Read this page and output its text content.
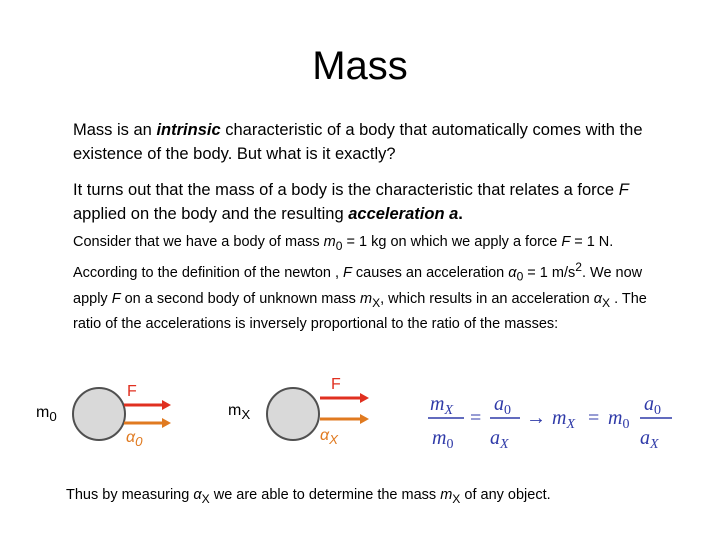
Mass
Mass is an intrinsic characteristic of a body that automatically comes with the existence of the body. But what is it exactly?
It turns out that the mass of a body is the characteristic that relates a force F applied on the body and the resulting acceleration a.
Consider that we have a body of mass $m_0 = 1$ kg on which we apply a force F = 1 N. According to the definition of the newton , F causes an acceleration $\alpha_0 = 1$ $m/s^2$. We now apply F on a second body of unknown mass $m_X$, which results in an acceleration $\alpha_X$ . The ratio of the accelerations is inversely proportional to the ratio of the masses:
$m_0$
F
$\alpha_0$
$m_X$
F
$\alpha_X$
$m_X$
$m_0$
=
$a_0$
$a_X$
→ $m_X = m_0$
$a_0$
$a_X$
Thus by measuring $\alpha_X$ we are able to determine the mass $m_X$ of any object.
